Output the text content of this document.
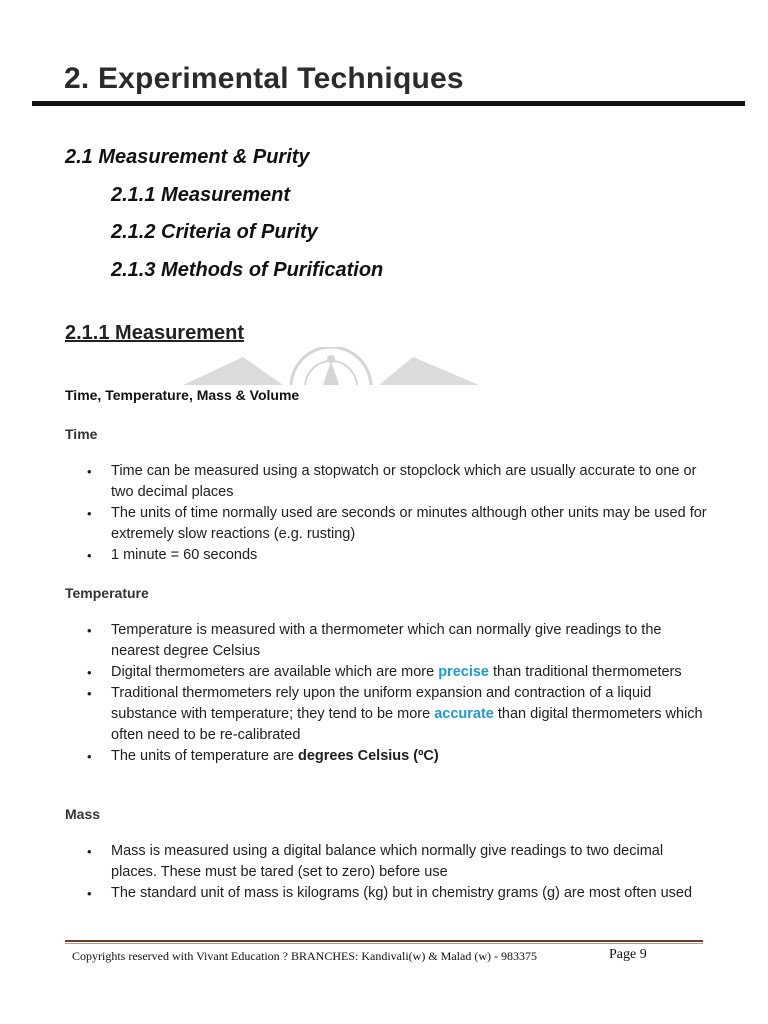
2. Experimental Techniques
2.1 Measurement & Purity
2.1.1 Measurement
2.1.2 Criteria of Purity
2.1.3 Methods of Purification
2.1.1 Measurement
Time, Temperature, Mass & Volume
Time
• Time can be measured using a stopwatch or stopclock which are usually accurate to one or two decimal places
• The units of time normally used are seconds or minutes although other units may be used for extremely slow reactions (e.g. rusting)
• 1 minute = 60 seconds
Temperature
• Temperature is measured with a thermometer which can normally give readings to the nearest degree Celsius
• Digital thermometers are available which are more precise than traditional thermometers
• Traditional thermometers rely upon the uniform expansion and contraction of a liquid substance with temperature; they tend to be more accurate than digital thermometers which often need to be re-calibrated
• The units of temperature are degrees Celsius (ºC)
Mass
• Mass is measured using a digital balance which normally give readings to two decimal places. These must be tared (set to zero) before use
• The standard unit of mass is kilograms (kg) but in chemistry grams (g) are most often used
Copyrights reserved with Vivant Education ? BRANCHES: Kandivali(w) & Malad (w) - 983375	Page 9
